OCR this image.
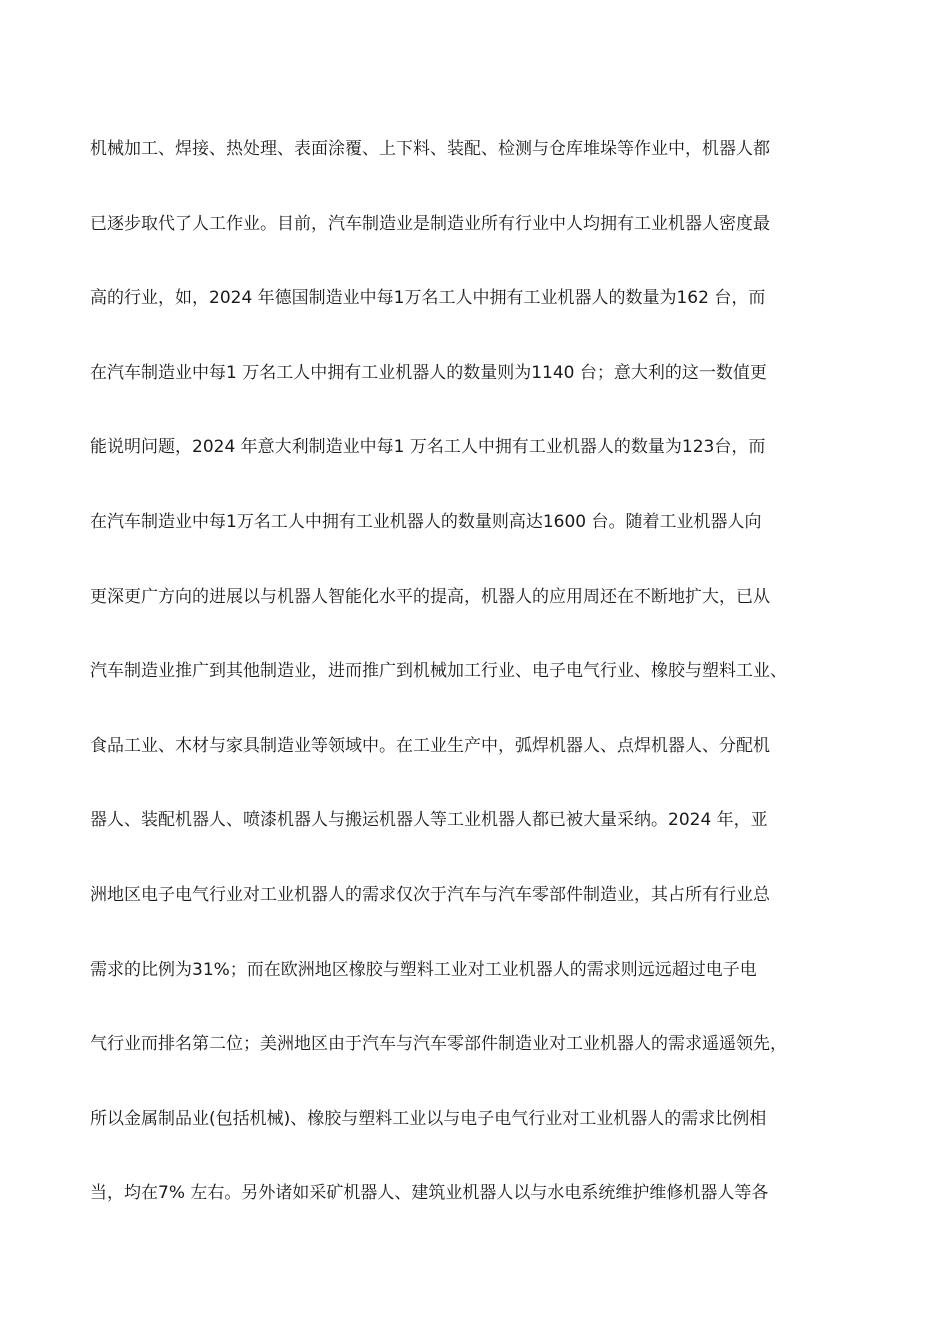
机械加工、焊接、热处理、表面涂覆、上下料、装配、检测与仓库堆垛等作业中，机器人都
已逐步取代了人工作业。目前，汽车制造业是制造业所有行业中人均拥有工业机器人密度最
高的行业，如，2024 年德国制造业中每1万名工人中拥有工业机器人的数量为162 台，而
在汽车制造业中每1 万名工人中拥有工业机器人的数量则为1140 台；意大利的这一数值更
能说明问题，2024 年意大利制造业中每1 万名工人中拥有工业机器人的数量为123台，而
在汽车制造业中每1万名工人中拥有工业机器人的数量则高达1600 台。随着工业机器人向
更深更广方向的进展以与机器人智能化水平的提高，机器人的应用周还在不断地扩大，已从
汽车制造业推广到其他制造业，进而推广到机械加工行业、电子电气行业、橡胶与塑料工业、
食品工业、木材与家具制造业等领域中。在工业生产中，弧焊机器人、点焊机器人、分配机
器人、装配机器人、喷漆机器人与搬运机器人等工业机器人都已被大量采纳。2024 年，亚
洲地区电子电气行业对工业机器人的需求仅次于汽车与汽车零部件制造业，其占所有行业总
需求的比例为31%；而在欧洲地区橡胶与塑料工业对工业机器人的需求则远远超过电子电
气行业而排名第二位；美洲地区由于汽车与汽车零部件制造业对工业机器人的需求遥遥领先，
所以金属制品业(包括机械)、橡胶与塑料工业以与电子电气行业对工业机器人的需求比例相
当，均在7% 左右。另外诸如采矿机器人、建筑业机器人以与水电系统维护维修机器人等各
